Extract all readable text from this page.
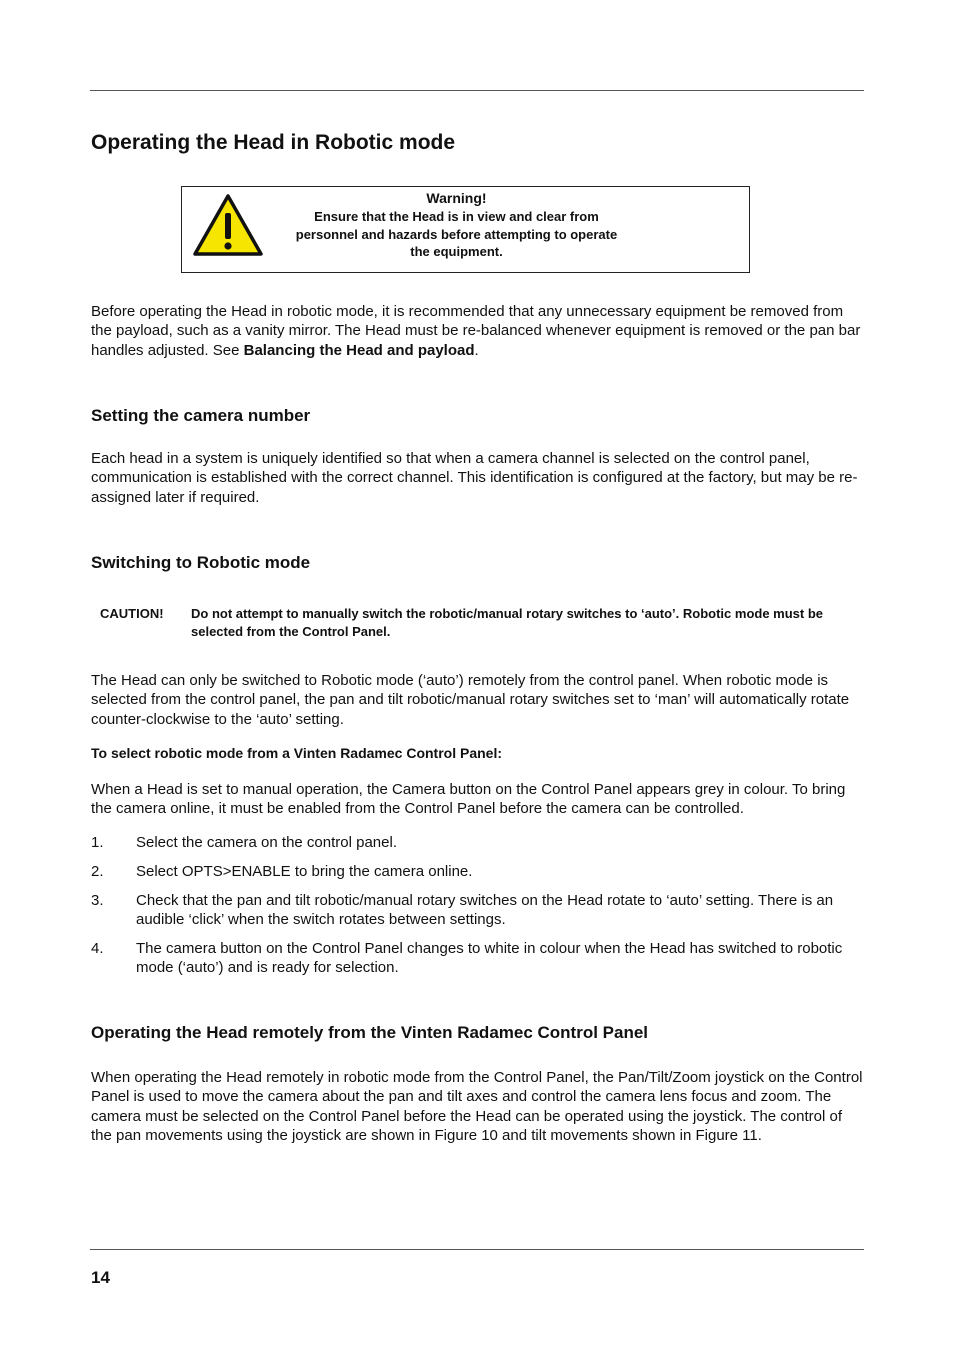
Operating the Head in Robotic mode
Warning!
Ensure that the Head is in view and clear from personnel and hazards before attempting to operate the equipment.

Before operating the Head in robotic mode, it is recommended that any unnecessary equipment be removed from the payload, such as a vanity mirror. The Head must be re-balanced whenever equipment is removed or the pan bar handles adjusted. See Balancing the Head and payload.

Setting the camera number

Each head in a system is uniquely identified so that when a camera channel is selected on the control panel, communication is established with the correct channel. This identification is configured at the factory, but may be re-assigned later if required.

Switching to Robotic mode
CAUTION! Do not attempt to manually switch the robotic/manual rotary switches to ‘auto’. Robotic mode must be selected from the Control Panel.

The Head can only be switched to Robotic mode (‘auto’) remotely from the control panel. When robotic mode is selected from the control panel, the pan and tilt robotic/manual rotary switches set to ‘man’ will automatically rotate counter-clockwise to the ‘auto’ setting.

To select robotic mode from a Vinten Radamec Control Panel:

When a Head is set to manual operation, the Camera button on the Control Panel appears grey in colour. To bring the camera online, it must be enabled from the Control Panel before the camera can be controlled.

1. Select the camera on the control panel.
2. Select OPTS>ENABLE to bring the camera online.
3. Check that the pan and tilt robotic/manual rotary switches on the Head rotate to ‘auto’ setting. There is an audible ‘click’ when the switch rotates between settings.
4. The camera button on the Control Panel changes to white in colour when the Head has switched to robotic mode (‘auto’) and is ready for selection.
Operating the Head remotely from the Vinten Radamec Control Panel

When operating the Head remotely in robotic mode from the Control Panel, the Pan/Tilt/Zoom joystick on the Control Panel is used to move the camera about the pan and tilt axes and control the camera lens focus and zoom. The camera must be selected on the Control Panel before the Head can be operated using the joystick. The control of the pan movements using the joystick are shown in Figure 10 and tilt movements shown in Figure 11.

14
